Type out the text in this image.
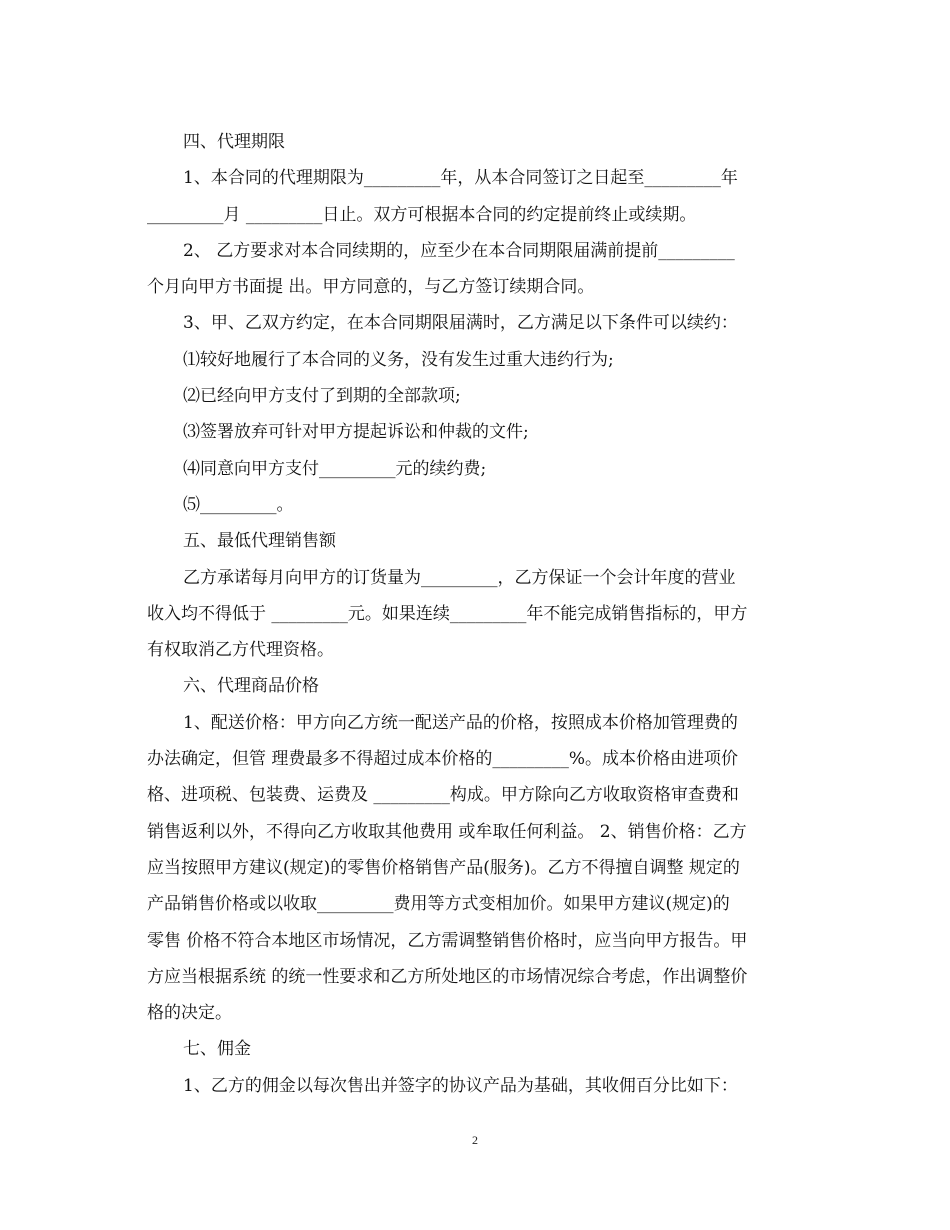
四、代理期限
1、本合同的代理期限为_________年，从本合同签订之日起至_________年
_________月 _________日止。双方可根据本合同的约定提前终止或续期。
2、 乙方要求对本合同续期的，应至少在本合同期限届满前提前_________
个月向甲方书面提 出。甲方同意的，与乙方签订续期合同。
3、甲、乙双方约定，在本合同期限届满时，乙方满足以下条件可以续约：
⑴较好地履行了本合同的义务，没有发生过重大违约行为;
⑵已经向甲方支付了到期的全部款项;
⑶签署放弃可针对甲方提起诉讼和仲裁的文件;
⑷同意向甲方支付_________元的续约费;
⑸_________。
五、最低代理销售额
乙方承诺每月向甲方的订货量为_________，乙方保证一个会计年度的营业
收入均不得低于 _________元。如果连续_________年不能完成销售指标的，甲方
有权取消乙方代理资格。
六、代理商品价格
1、配送价格：甲方向乙方统一配送产品的价格，按照成本价格加管理费的
办法确定，但管 理费最多不得超过成本价格的_________%。成本价格由进项价
格、进项税、包装费、运费及 _________构成。甲方除向乙方收取资格审查费和
销售返利以外，不得向乙方收取其他费用 或牟取任何利益。 2、销售价格：乙方
应当按照甲方建议(规定)的零售价格销售产品(服务)。乙方不得擅自调整 规定的
产品销售价格或以收取_________费用等方式变相加价。如果甲方建议(规定)的
零售 价格不符合本地区市场情况，乙方需调整销售价格时，应当向甲方报告。甲
方应当根据系统 的统一性要求和乙方所处地区的市场情况综合考虑，作出调整价
格的决定。
七、佣金
1、乙方的佣金以每次售出并签字的协议产品为基础，其收佣百分比如下：
2
